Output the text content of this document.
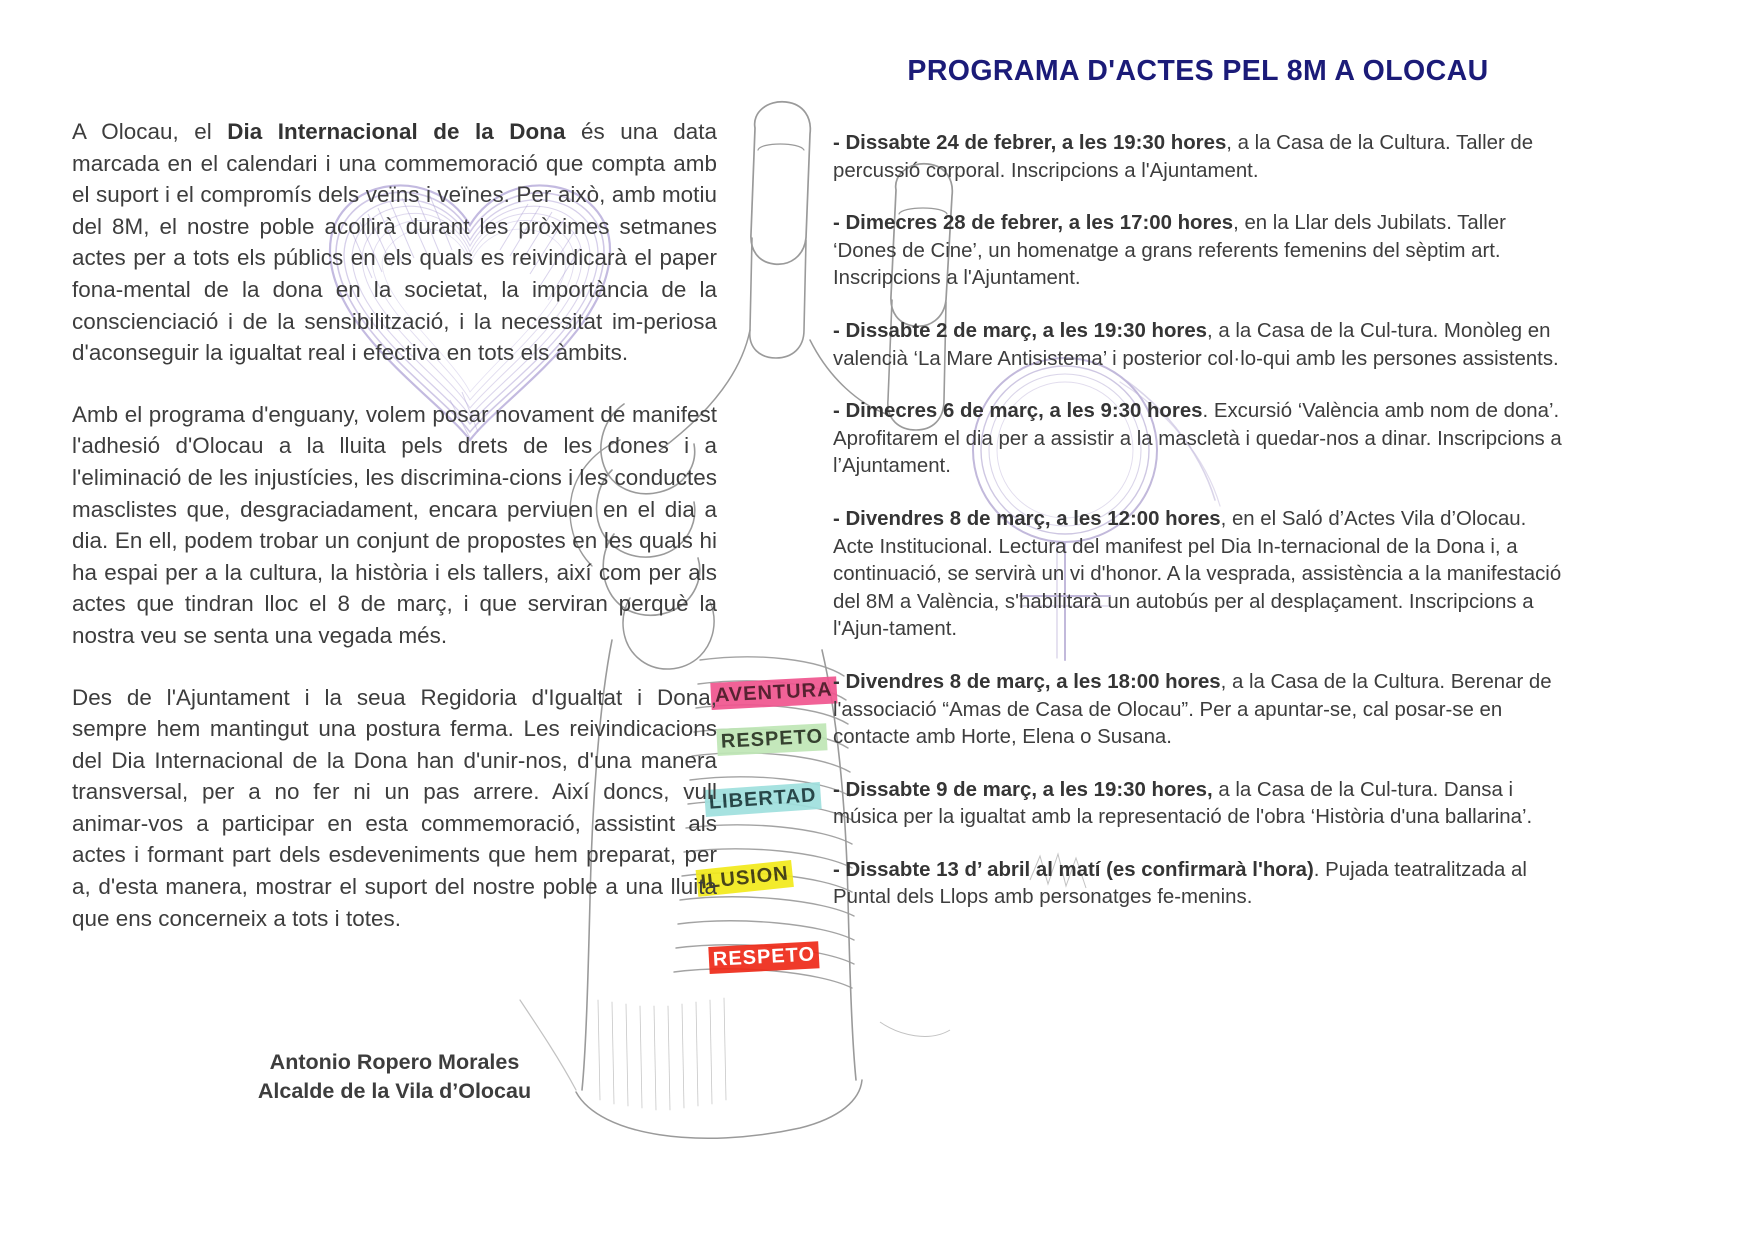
AVENTURA
RESPETO
LIBERTAD
ILUSION
RESPETO

A Olocau, el Dia Internacional de la Dona és una data marcada en el calendari i una commemoració que compta amb el suport i el compromís dels veïns i veïnes. Per això, amb motiu del 8M, el nostre poble acollirà durant les pròximes setmanes actes per a tots els públics en els quals es reivindicarà el paper fona-mental de la dona en la societat, la importància de la conscienciació i de la sensibilització, i la necessitat im-periosa d'aconseguir la igualtat real i efectiva en tots els àmbits.

Amb el programa d'enguany, volem posar novament de manifest l'adhesió d'Olocau a la lluita pels drets de les dones i a l'eliminació de les injustícies, les discrimina-cions i les conductes masclistes que, desgraciadament, encara perviuen en el dia a dia. En ell, podem trobar un conjunt de propostes en les quals hi ha espai per a la cultura, la història i els tallers, així com per als actes que tindran lloc el 8 de març, i que serviran perquè la nostra veu se senta una vegada més.

Des de l'Ajuntament i la seua Regidoria d'Igualtat i Dona, sempre hem mantingut una postura ferma. Les reivindicacions del Dia Internacional de la Dona han d'unir-nos, d'una manera transversal, per a no fer ni un pas arrere. Així doncs, vull animar-vos a participar en esta commemoració, assistint als actes i formant part dels esdeveniments que hem preparat, per a, d'esta manera, mostrar el suport del nostre poble a una lluita que ens concerneix a tots i totes.

Antonio Ropero Morales
Alcalde de la Vila d’Olocau
PROGRAMA D'ACTES PEL 8M A OLOCAU

- Dissabte 24 de febrer, a les 19:30 hores, a la Casa de la Cultura. Taller de percussió corporal. Inscripcions a l'Ajuntament.

- Dimecres 28 de febrer, a les 17:00 hores, en la Llar dels Jubilats. Taller ‘Dones de Cine’, un homenatge a grans referents femenins del sèptim art. Inscripcions a l'Ajuntament.

- Dissabte 2 de març, a les 19:30 hores, a la Casa de la Cul-tura. Monòleg en valencià ‘La Mare Antisistema’ i posterior col·lo-qui amb les persones assistents.

- Dimecres 6 de març, a les 9:30 hores. Excursió ‘València amb nom de dona’. Aprofitarem el dia per a assistir a la mascletà i quedar-nos a dinar. Inscripcions a l’Ajuntament.

- Divendres 8 de març, a les 12:00 hores, en el Saló d’Actes Vila d’Olocau. Acte Institucional. Lectura del manifest pel Dia In-ternacional de la Dona i, a continuació, se servirà un vi d'honor. A la vesprada, assistència a la manifestació del 8M a València, s'habilitarà un autobús per al desplaçament. Inscripcions a l'Ajun-tament.

- Divendres 8 de març, a les 18:00 hores, a la Casa de la Cultura. Berenar de l'associació “Amas de Casa de Olocau”. Per a apuntar-se, cal posar-se en contacte amb Horte, Elena o Susana.

- Dissabte 9 de març, a les 19:30 hores, a la Casa de la Cul-tura. Dansa i música per la igualtat amb la representació de l'obra ‘Història d'una ballarina’.

- Dissabte 13 d’ abril al matí (es confirmarà l'hora). Pujada teatralitzada al Puntal dels Llops amb personatges fe-menins.
